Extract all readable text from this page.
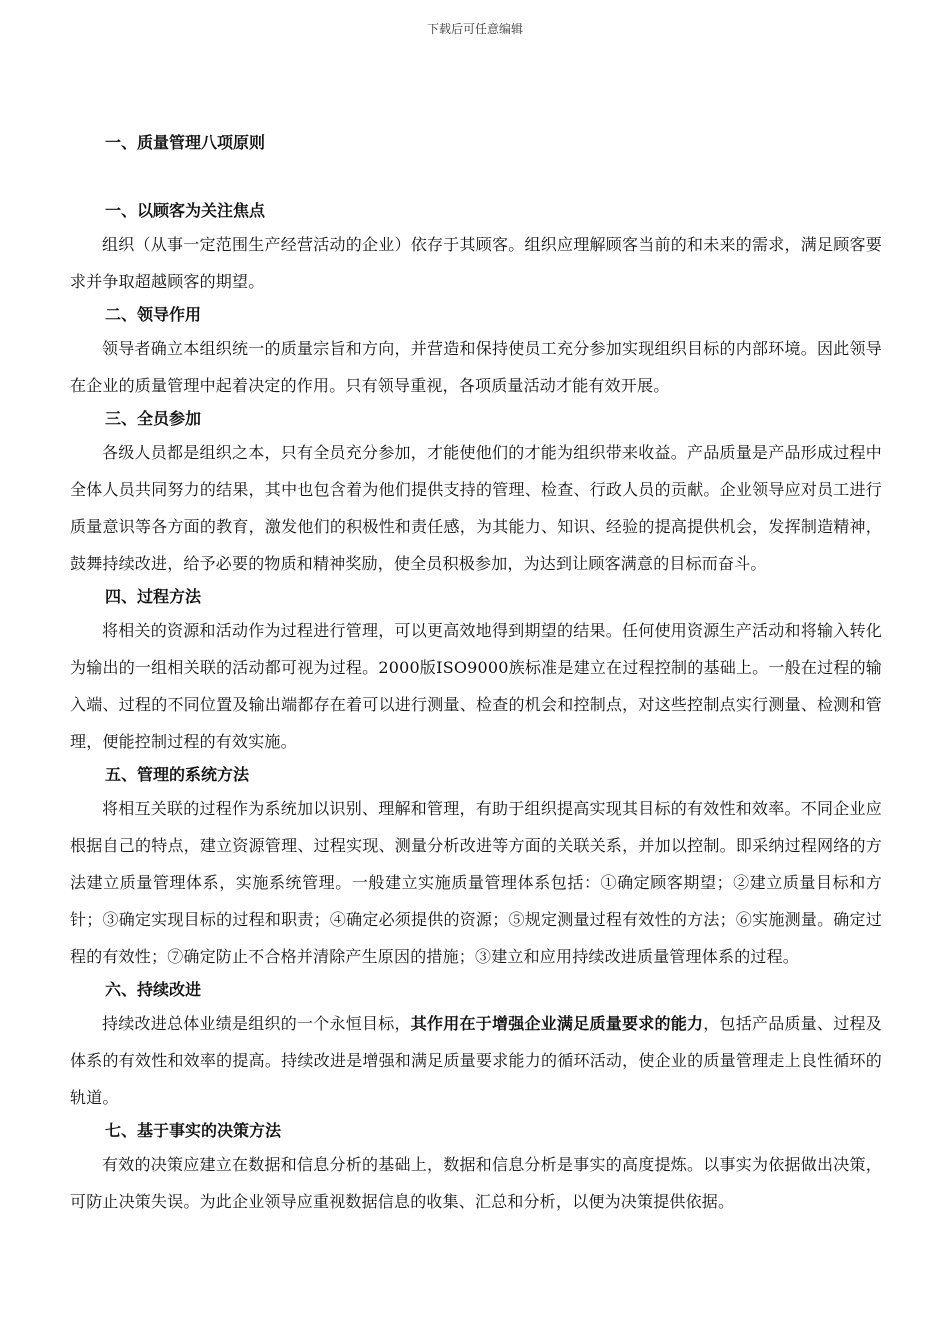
下载后可任意编辑
一、质量管理八项原则
一、以顾客为关注焦点

组织（从事一定范围生产经营活动的企业）依存于其顾客。组织应理解顾客当前的和未来的需求，满足顾客要求并争取超越顾客的期望。

二、领导作用

领导者确立本组织统一的质量宗旨和方向，并营造和保持使员工充分参加实现组织目标的内部环境。因此领导在企业的质量管理中起着决定的作用。只有领导重视，各项质量活动才能有效开展。

三、全员参加

各级人员都是组织之本，只有全员充分参加，才能使他们的才能为组织带来收益。产品质量是产品形成过程中全体人员共同努力的结果，其中也包含着为他们提供支持的管理、检查、行政人员的贡献。企业领导应对员工进行质量意识等各方面的教育，激发他们的积极性和责任感，为其能力、知识、经验的提高提供机会，发挥制造精神，鼓舞持续改进，给予必要的物质和精神奖励，使全员积极参加，为达到让顾客满意的目标而奋斗。

四、过程方法

将相关的资源和活动作为过程进行管理，可以更高效地得到期望的结果。任何使用资源生产活动和将输入转化为输出的一组相关联的活动都可视为过程。2000版ISO9000族标准是建立在过程控制的基础上。一般在过程的输入端、过程的不同位置及输出端都存在着可以进行测量、检查的机会和控制点，对这些控制点实行测量、检测和管理，便能控制过程的有效实施。

五、管理的系统方法

将相互关联的过程作为系统加以识别、理解和管理，有助于组织提高实现其目标的有效性和效率。不同企业应根据自己的特点，建立资源管理、过程实现、测量分析改进等方面的关联关系，并加以控制。即采纳过程网络的方法建立质量管理体系，实施系统管理。一般建立实施质量管理体系包括：①确定顾客期望；②建立质量目标和方针；③确定实现目标的过程和职责；④确定必须提供的资源；⑤规定测量过程有效性的方法；⑥实施测量。确定过程的有效性；⑦确定防止不合格并清除产生原因的措施；③建立和应用持续改进质量管理体系的过程。

六、持续改进

持续改进总体业绩是组织的一个永恒目标，其作用在于增强企业满足质量要求的能力，包括产品质量、过程及体系的有效性和效率的提高。持续改进是增强和满足质量要求能力的循环活动，使企业的质量管理走上良性循环的轨道。

七、基于事实的决策方法

有效的决策应建立在数据和信息分析的基础上，数据和信息分析是事实的高度提炼。以事实为依据做出决策，可防止决策失误。为此企业领导应重视数据信息的收集、汇总和分析，以便为决策提供依据。
